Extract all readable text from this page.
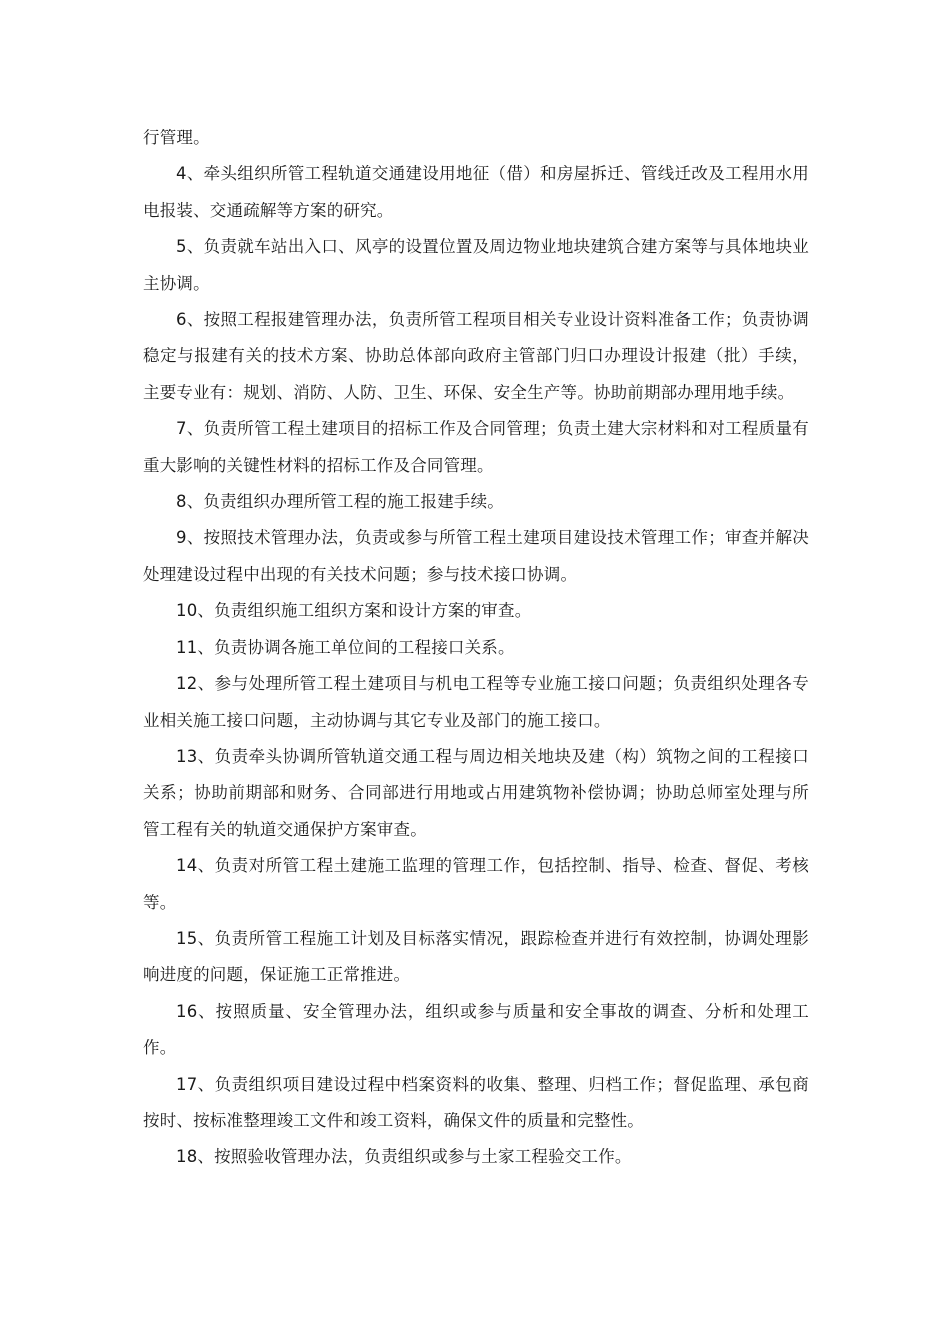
行管理。

4、牵头组织所管工程轨道交通建设用地征（借）和房屋拆迁、管线迁改及工程用水用电报装、交通疏解等方案的研究。

5、负责就车站出入口、风亭的设置位置及周边物业地块建筑合建方案等与具体地块业主协调。

6、按照工程报建管理办法，负责所管工程项目相关专业设计资料准备工作；负责协调稳定与报建有关的技术方案、协助总体部向政府主管部门归口办理设计报建（批）手续，主要专业有：规划、消防、人防、卫生、环保、安全生产等。协助前期部办理用地手续。

7、负责所管工程土建项目的招标工作及合同管理；负责土建大宗材料和对工程质量有重大影响的关键性材料的招标工作及合同管理。

8、负责组织办理所管工程的施工报建手续。

9、按照技术管理办法，负责或参与所管工程土建项目建设技术管理工作；审查并解决处理建设过程中出现的有关技术问题；参与技术接口协调。

10、负责组织施工组织方案和设计方案的审查。

11、负责协调各施工单位间的工程接口关系。

12、参与处理所管工程土建项目与机电工程等专业施工接口问题；负责组织处理各专业相关施工接口问题，主动协调与其它专业及部门的施工接口。

13、负责牵头协调所管轨道交通工程与周边相关地块及建（构）筑物之间的工程接口关系；协助前期部和财务、合同部进行用地或占用建筑物补偿协调；协助总师室处理与所管工程有关的轨道交通保护方案审查。

14、负责对所管工程土建施工监理的管理工作，包括控制、指导、检查、督促、考核等。

15、负责所管工程施工计划及目标落实情况，跟踪检查并进行有效控制，协调处理影响进度的问题，保证施工正常推进。

16、按照质量、安全管理办法，组织或参与质量和安全事故的调查、分析和处理工作。

17、负责组织项目建设过程中档案资料的收集、整理、归档工作；督促监理、承包商按时、按标准整理竣工文件和竣工资料，确保文件的质量和完整性。

18、按照验收管理办法，负责组织或参与土家工程验交工作。
